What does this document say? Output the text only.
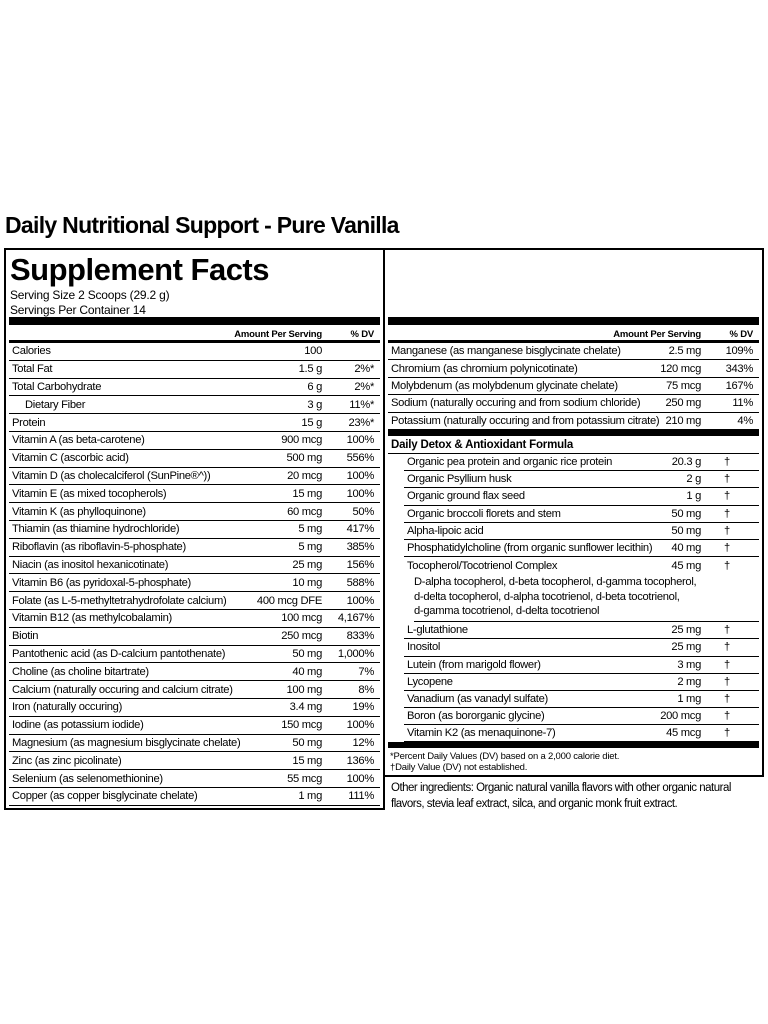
Daily Nutritional Support - Pure Vanilla
Supplement Facts
Serving Size 2 Scoops (29.2 g)
Servings Per Container 14
Amount Per Serving	% DV
Calories	100
Total Fat	1.5 g	2%*
Total Carbohydrate	6 g	2%*
Dietary Fiber	3 g	11%*
Protein	15 g	23%*
Vitamin A (as beta-carotene)	900 mcg	100%
Vitamin C (ascorbic acid)	500 mg	556%
Vitamin D (as cholecalciferol (SunPine®^))	20 mcg	100%
Vitamin E (as mixed tocopherols)	15 mg	100%
Vitamin K (as phylloquinone)	60 mcg	50%
Thiamin (as thiamine hydrochloride)	5 mg	417%
Riboflavin (as riboflavin-5-phosphate)	5 mg	385%
Niacin (as inositol hexanicotinate)	25 mg	156%
Vitamin B6 (as pyridoxal-5-phosphate)	10 mg	588%
Folate (as L-5-methyltetrahydrofolate calcium)	400 mcg DFE	100%
Vitamin B12 (as methylcobalamin)	100 mcg	4,167%
Biotin	250 mcg	833%
Pantothenic acid (as D-calcium pantothenate)	50 mg	1,000%
Choline (as choline bitartrate)	40 mg	7%
Calcium (naturally occuring and calcium citrate)	100 mg	8%
Iron (naturally occuring)	3.4 mg	19%
Iodine (as potassium iodide)	150 mcg	100%
Magnesium (as magnesium bisglycinate chelate)	50 mg	12%
Zinc (as zinc picolinate)	15 mg	136%
Selenium (as selenomethionine)	55 mcg	100%
Copper (as copper bisglycinate chelate)	1 mg	111%
Amount Per Serving	% DV
Manganese (as manganese bisglycinate chelate)	2.5 mg	109%
Chromium (as chromium polynicotinate)	120 mcg	343%
Molybdenum (as molybdenum glycinate chelate)	75 mcg	167%
Sodium (naturally occuring and from sodium chloride)	250 mg	11%
Potassium (naturally occuring and from potassium citrate) 210 mg	4%
Daily Detox & Antioxidant Formula
Organic pea protein and organic rice protein	20.3 g	†
Organic Psyllium husk	2 g	†
Organic ground flax seed	1 g	†
Organic broccoli florets and stem	50 mg	†
Alpha-lipoic acid	50 mg	†
Phosphatidylcholine (from organic sunflower lecithin)	40 mg	†
Tocopherol/Tocotrienol Complex	45 mg	†
D-alpha tocopherol, d-beta tocopherol, d-gamma tocopherol,
d-delta tocopherol, d-alpha tocotrienol, d-beta tocotrienol,
d-gamma tocotrienol, d-delta tocotrienol
L-glutathione	25 mg	†
Inositol	25 mg	†
Lutein (from marigold flower)	3 mg	†
Lycopene	2 mg	†
Vanadium (as vanadyl sulfate)	1 mg	†
Boron (as bororganic glycine)	200 mcg	†
Vitamin K2 (as menaquinone-7)	45 mcg	†
*Percent Daily Values (DV) based on a 2,000 calorie diet.
†Daily Value (DV) not established.
Other ingredients: Organic natural vanilla flavors with other organic natural flavors, stevia leaf extract, silca, and organic monk fruit extract.
